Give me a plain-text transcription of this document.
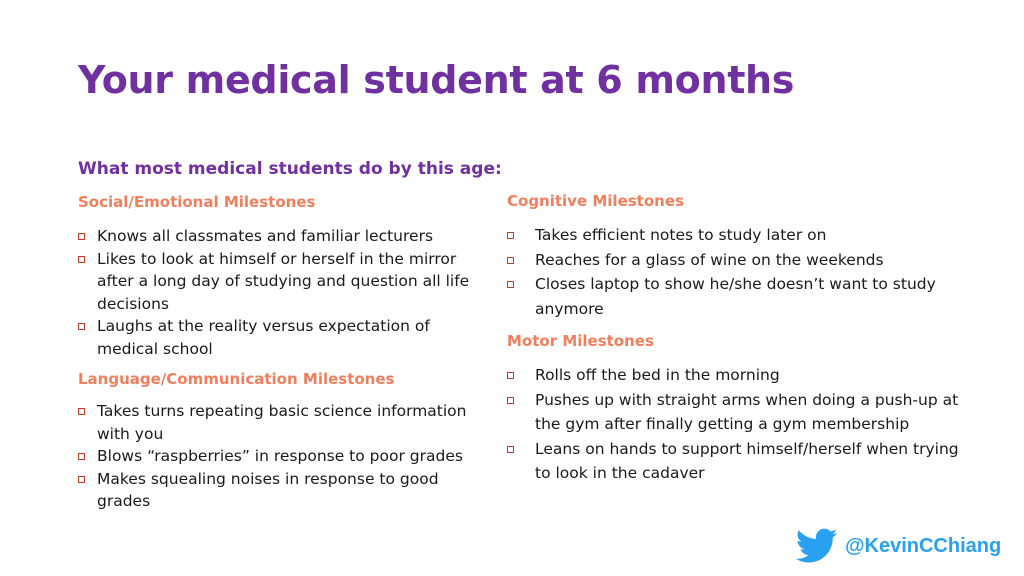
Your medical student at 6 months
What most medical students do by this age:

Social/Emotional Milestones

Knows all classmates and familiar lecturers
Likes to look at himself or herself in the mirror after a long day of studying and question all life decisions
Laughs at the reality versus expectation of medical school

Language/Communication Milestones

Takes turns repeating basic science information with you
Blows “raspberries” in response to poor grades
Makes squealing noises in response to good grades

Cognitive Milestones

Takes efficient notes to study later on
Reaches for a glass of wine on the weekends
Closes laptop to show he/she doesn’t want to study anymore

Motor Milestones

Rolls off the bed in the morning
Pushes up with straight arms when doing a push-up at the gym after finally getting a gym membership
Leans on hands to support himself/herself when trying to look in the cadaver
@KevinCChiang
